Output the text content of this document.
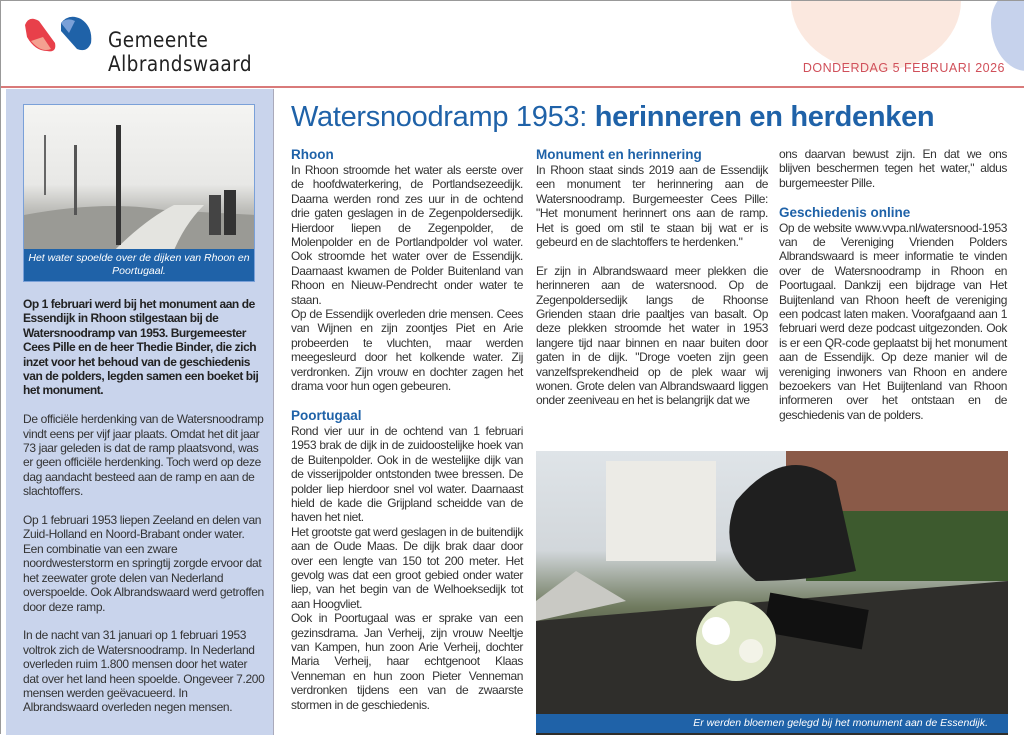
Gemeente
Albrandswaard	DONDERDAG 5 FEBRUARI 2026
Het water spoelde over de dijken van Rhoon en Poortugaal.

Op 1 februari werd bij het monument aan de Essendijk in Rhoon stilgestaan bij de Watersnoodramp van 1953. Burgemeester Cees Pille en de heer Thedie Binder, die zich inzet voor het behoud van de geschiedenis van de polders, legden samen een boeket bij het monument.

De officiële herdenking van de Watersnoodramp vindt eens per vijf jaar plaats. Omdat het dit jaar 73 jaar geleden is dat de ramp plaatsvond, was er geen officiële herdenking. Toch werd op deze dag aandacht besteed aan de ramp en aan de slachtoffers.

Op 1 februari 1953 liepen Zeeland en delen van Zuid-Holland en Noord-Brabant onder water. Een combinatie van een zware noordwesterstorm en springtij zorgde ervoor dat het zeewater grote delen van Nederland overspoelde. Ook Albrandswaard werd getroffen door deze ramp.

In de nacht van 31 januari op 1 februari 1953 voltrok zich de Watersnoodramp. In Nederland overleden ruim 1.800 mensen door het water dat over het land heen spoelde. Ongeveer 7.200 mensen werden geëvacueerd. In Albrandswaard overleden negen mensen.

Watersnoodramp 1953: herinneren en herdenken
Rhoon

In Rhoon stroomde het water als eerste over de hoofdwaterkering, de Portlandsezeedijk. Daarna werden rond zes uur in de ochtend drie gaten geslagen in de Zegenpoldersedijk. Hierdoor liepen de Zegenpolder, de Molenpolder en de Portlandpolder vol water. Ook stroomde het water over de Essendijk. Daarnaast kwamen de Polder Buitenland van Rhoon en Nieuw-Pendrecht onder water te staan.

Op de Essendijk overleden drie mensen. Cees van Wijnen en zijn zoontjes Piet en Arie probeerden te vluchten, maar werden meegesleurd door het kolkende water. Zij verdronken. Zijn vrouw en dochter zagen het drama voor hun ogen gebeuren.

Poortugaal

Rond vier uur in de ochtend van 1 februari 1953 brak de dijk in de zuidoostelijke hoek van de Buitenpolder. Ook in de westelijke dijk van de visserijpolder ontstonden twee bressen. De polder liep hierdoor snel vol water. Daarnaast hield de kade die Grijpland scheidde van de haven het niet.

Het grootste gat werd geslagen in de buitendijk aan de Oude Maas. De dijk brak daar door over een lengte van 150 tot 200 meter. Het gevolg was dat een groot gebied onder water liep, van het begin van de Welhoeksedijk tot aan Hoogvliet.

Ook in Poortugaal was er sprake van een gezinsdrama. Jan Verheij, zijn vrouw Neeltje van Kampen, hun zoon Arie Verheij, dochter Maria Verheij, haar echtgenoot Klaas Venneman en hun zoon Pieter Venneman verdronken tijdens een van de zwaarste stormen in de geschiedenis.

Monument en herinnering

In Rhoon staat sinds 2019 aan de Essendijk een monument ter herinnering aan de Watersnoodramp. Burgemeester Cees Pille: "Het monument herinnert ons aan de ramp. Het is goed om stil te staan bij wat er is gebeurd en de slachtoffers te herdenken."

Er zijn in Albrandswaard meer plekken die herinneren aan de watersnood. Op de Zegenpoldersedijk langs de Rhoonse Grienden staan drie paaltjes van basalt. Op deze plekken stroomde het water in 1953 langere tijd naar binnen en naar buiten door gaten in de dijk. "Droge voeten zijn geen vanzelfsprekendheid op de plek waar wij wonen. Grote delen van Albrandswaard liggen onder zeeniveau en het is belangrijk dat we

ons daarvan bewust zijn. En dat we ons blijven beschermen tegen het water," aldus burgemeester Pille.

Geschiedenis online

Op de website www.vvpa.nl/watersnood-1953 van de Vereniging Vrienden Polders Albrandswaard is meer informatie te vinden over de Watersnoodramp in Rhoon en Poortugaal. Dankzij een bijdrage van Het Buijtenland van Rhoon heeft de vereniging een podcast laten maken. Voorafgaand aan 1 februari werd deze podcast uitgezonden. Ook is er een QR-code geplaatst bij het monument aan de Essendijk. Op deze manier wil de vereniging inwoners van Rhoon en andere bezoekers van Het Buijtenland van Rhoon informeren over het ontstaan en de geschiedenis van de polders.

Er werden bloemen gelegd bij het monument aan de Essendijk.
